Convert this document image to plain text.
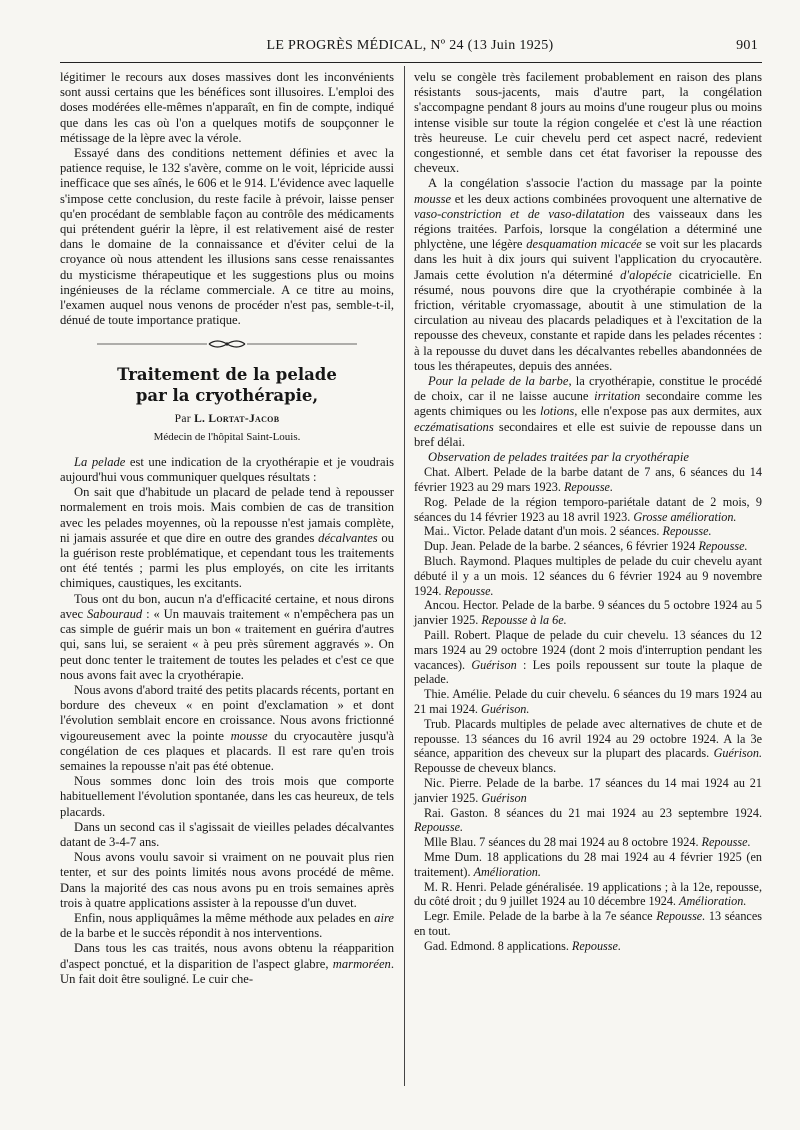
LE PROGRÈS MÉDICAL, Nº 24 (13 Juin 1925)	901

légitimer le recours aux doses massives dont les inconvénients sont aussi certains que les bénéfices sont illusoires. L'emploi des doses modérées elle-mêmes n'apparaît, en fin de compte, indiqué que dans les cas où l'on a quelques motifs de soupçonner le métissage de la lèpre avec la vérole.

Essayé dans des conditions nettement définies et avec la patience requise, le 132 s'avère, comme on le voit, lépricide aussi inefficace que ses aînés, le 606 et le 914. L'évidence avec laquelle s'impose cette conclusion, du reste facile à prévoir, laisse penser qu'en procédant de semblable façon au contrôle des médicaments qui prétendent guérir la lèpre, il est relativement aisé de rester dans le domaine de la connaissance et d'éviter celui de la croyance où nous attendent les illusions sans cesse renaissantes du mysticisme thérapeutique et les suggestions plus ou moins ingénieuses de la réclame commerciale. A ce titre au moins, l'examen auquel nous venons de procéder n'est pas, semble-t-il, dénué de toute importance pratique.

Traitement de la pelade
par la cryothérapie,
Par L. Lortat-Jacob
Médecin de l'hôpital Saint-Louis.

La pelade est une indication de la cryothérapie et je voudrais aujourd'hui vous communiquer quelques résultats :

On sait que d'habitude un placard de pelade tend à repousser normalement en trois mois. Mais combien de cas de transition avec les pelades moyennes, où la repousse n'est jamais complète, ni jamais assurée et que dire en outre des grandes décalvantes ou la guérison reste problématique, et cependant tous les traitements ont été tentés ; parmi les plus employés, on cite les irritants chimiques, caustiques, les excitants.

Tous ont du bon, aucun n'a d'efficacité certaine, et nous dirons avec Sabouraud : « Un mauvais traitement « n'empêchera pas un cas simple de guérir mais un bon « traitement en guérira d'autres qui, sans lui, se seraient « à peu près sûrement aggravés ». On peut donc tenter le traitement de toutes les pelades et c'est ce que nous avons fait avec la cryothérapie.

Nous avons d'abord traité des petits placards récents, portant en bordure des cheveux « en point d'exclamation » et dont l'évolution semblait encore en croissance. Nous avons frictionné vigoureusement avec la pointe mousse du cryocautère jusqu'à congélation de ces plaques et placards. Il est rare qu'en trois semaines la repousse n'ait pas été obtenue.

Nous sommes donc loin des trois mois que comporte habituellement l'évolution spontanée, dans les cas heureux, de tels placards.

Dans un second cas il s'agissait de vieilles pelades décalvantes datant de 3-4-7 ans.

Nous avons voulu savoir si vraiment on ne pouvait plus rien tenter, et sur des points limités nous avons procédé de même. Dans la majorité des cas nous avons pu en trois semaines après trois à quatre applications assister à la repousse d'un duvet.

Enfin, nous appliquâmes la même méthode aux pelades en aire de la barbe et le succès répondit à nos interventions.

Dans tous les cas traités, nous avons obtenu la réapparition d'aspect ponctué, et la disparition de l'aspect glabre, marmoréen. Un fait doit être souligné. Le cuir che-

velu se congèle très facilement probablement en raison des plans résistants sous-jacents, mais d'autre part, la congélation s'accompagne pendant 8 jours au moins d'une rougeur plus ou moins intense visible sur toute la région congelée et c'est là une réaction très heureuse. Le cuir chevelu perd cet aspect nacré, redevient congestionné, et semble dans cet état favoriser la repousse des cheveux.

A la congélation s'associe l'action du massage par la pointe mousse et les deux actions combinées provoquent une alternative de vaso-constriction et de vaso-dilatation des vaisseaux dans les régions traitées. Parfois, lorsque la congélation a déterminé une phlyctène, une légère desquamation micacée se voit sur les placards dans les huit à dix jours qui suivent l'application du cryocautère. Jamais cette évolution n'a déterminé d'alopécie cicatricielle. En résumé, nous pouvons dire que la cryothérapie combinée à la friction, véritable cryomassage, aboutit à une stimulation de la circulation au niveau des placards peladiques et à l'excitation de la repousse des cheveux, constante et rapide dans les pelades récentes : à la repousse du duvet dans les décalvantes rebelles abandonnées de tous les thérapeutes, depuis des années.

Pour la pelade de la barbe, la cryothérapie, constitue le procédé de choix, car il ne laisse aucune irritation secondaire comme les agents chimiques ou les lotions, elle n'expose pas aux dermites, aux eczématisations secondaires et elle est suivie de repousse dans un bref délai.

Observation de pelades traitées par la cryothérapie

Chat. Albert. Pelade de la barbe datant de 7 ans, 6 séances du 14 février 1923 au 29 mars 1923. Repousse.

Rog. Pelade de la région temporo-pariétale datant de 2 mois, 9 séances du 14 février 1923 au 18 avril 1923. Grosse amélioration.

Mai.. Victor. Pelade datant d'un mois. 2 séances. Repousse.

Dup. Jean. Pelade de la barbe. 2 séances, 6 février 1924 Repousse.

Bluch. Raymond. Plaques multiples de pelade du cuir chevelu ayant débuté il y a un mois. 12 séances du 6 février 1924 au 9 novembre 1924. Repousse.

Ancou. Hector. Pelade de la barbe. 9 séances du 5 octobre 1924 au 5 janvier 1925. Repousse à la 6e.

Paill. Robert. Plaque de pelade du cuir chevelu. 13 séances du 12 mars 1924 au 29 octobre 1924 (dont 2 mois d'interruption pendant les vacances). Guérison : Les poils repoussent sur toute la plaque de pelade.

Thie. Amélie. Pelade du cuir chevelu. 6 séances du 19 mars 1924 au 21 mai 1924. Guérison.

Trub. Placards multiples de pelade avec alternatives de chute et de repousse. 13 séances du 16 avril 1924 au 29 octobre 1924. A la 3e séance, apparition des cheveux sur la plupart des placards. Guérison. Repousse de cheveux blancs.

Nic. Pierre. Pelade de la barbe. 17 séances du 14 mai 1924 au 21 janvier 1925. Guérison

Rai. Gaston. 8 séances du 21 mai 1924 au 23 septembre 1924. Repousse.

Mlle Blau. 7 séances du 28 mai 1924 au 8 octobre 1924. Repousse.

Mme Dum. 18 applications du 28 mai 1924 au 4 février 1925 (en traitement). Amélioration.

M. R. Henri. Pelade généralisée. 19 applications ; à la 12e, repousse, du côté droit ; du 9 juillet 1924 au 10 décembre 1924. Amélioration.

Legr. Emile. Pelade de la barbe à la 7e séance Repousse. 13 séances en tout.

Gad. Edmond. 8 applications. Repousse.
